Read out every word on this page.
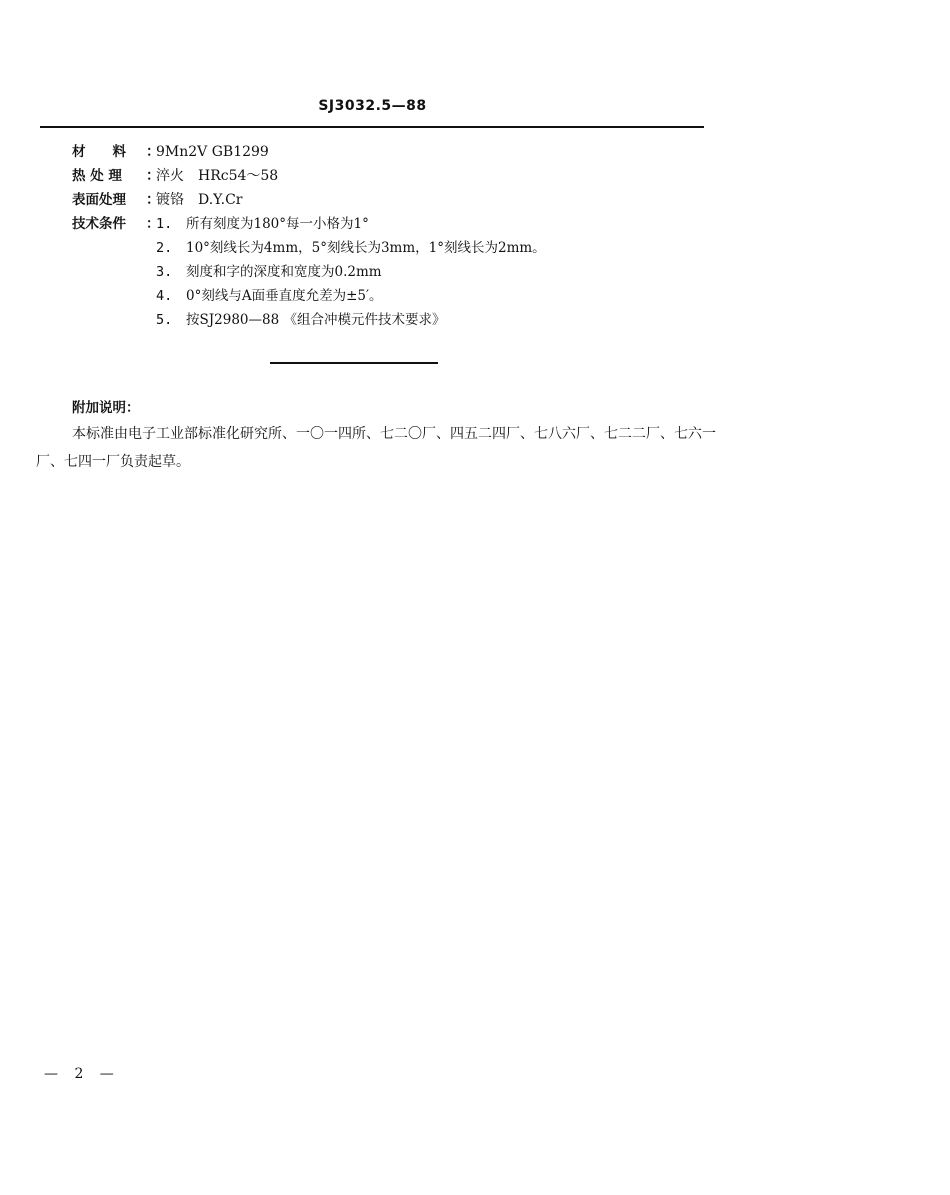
SJ3032.5—88
材　　料 ：9Mn2V GB1299
热 处 理 ：淬火　HRc54～58
表面处理 ：镀铬　D.Y.Cr
技术条件 ：1. 所有刻度为180°每一小格为1°
2. 10°刻线长为4mm，5°刻线长为3mm，1°刻线长为2mm。
3. 刻度和字的深度和宽度为0.2mm
4. 0°刻线与A面垂直度允差为±5′。
5. 按SJ2980—88 《组合冲模元件技术要求》
附加说明：
本标准由电子工业部标准化研究所、一〇一四所、七二〇厂、四五二四厂、七八六厂、七二二厂、七六一厂、七四一厂负责起草。
— 2 —
